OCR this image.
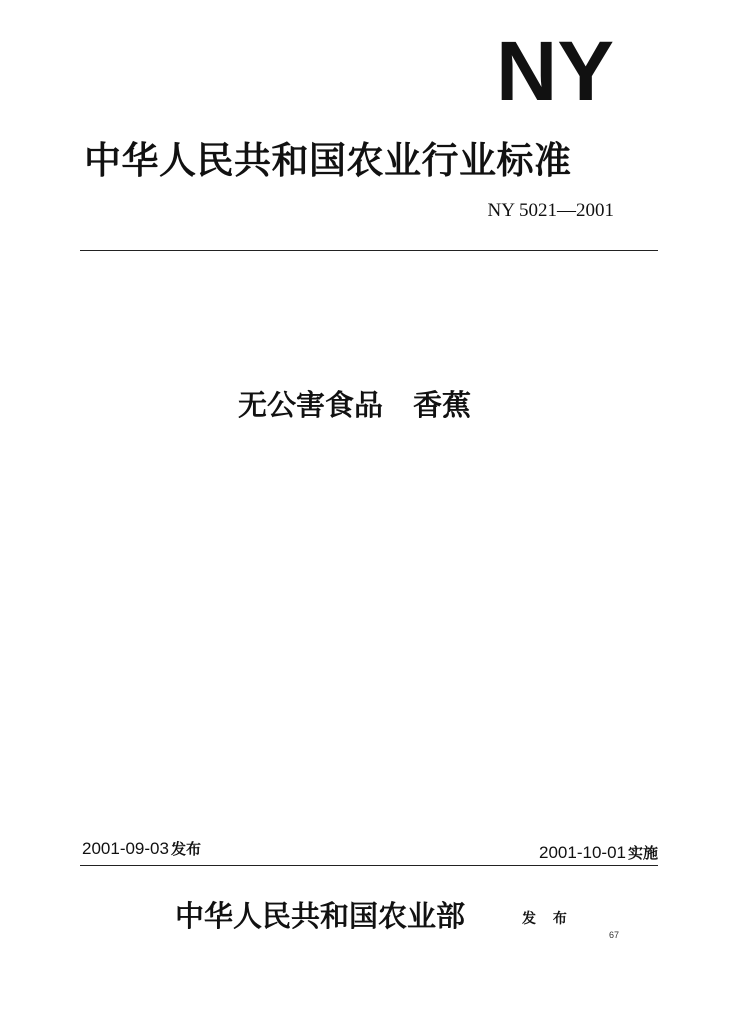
NY
中华人民共和国农业行业标准
NY 5021—2001
无公害食品 香蕉
2001-09-03 发布	2001-10-01 实施
中华人民共和国农业部	发 布
67
